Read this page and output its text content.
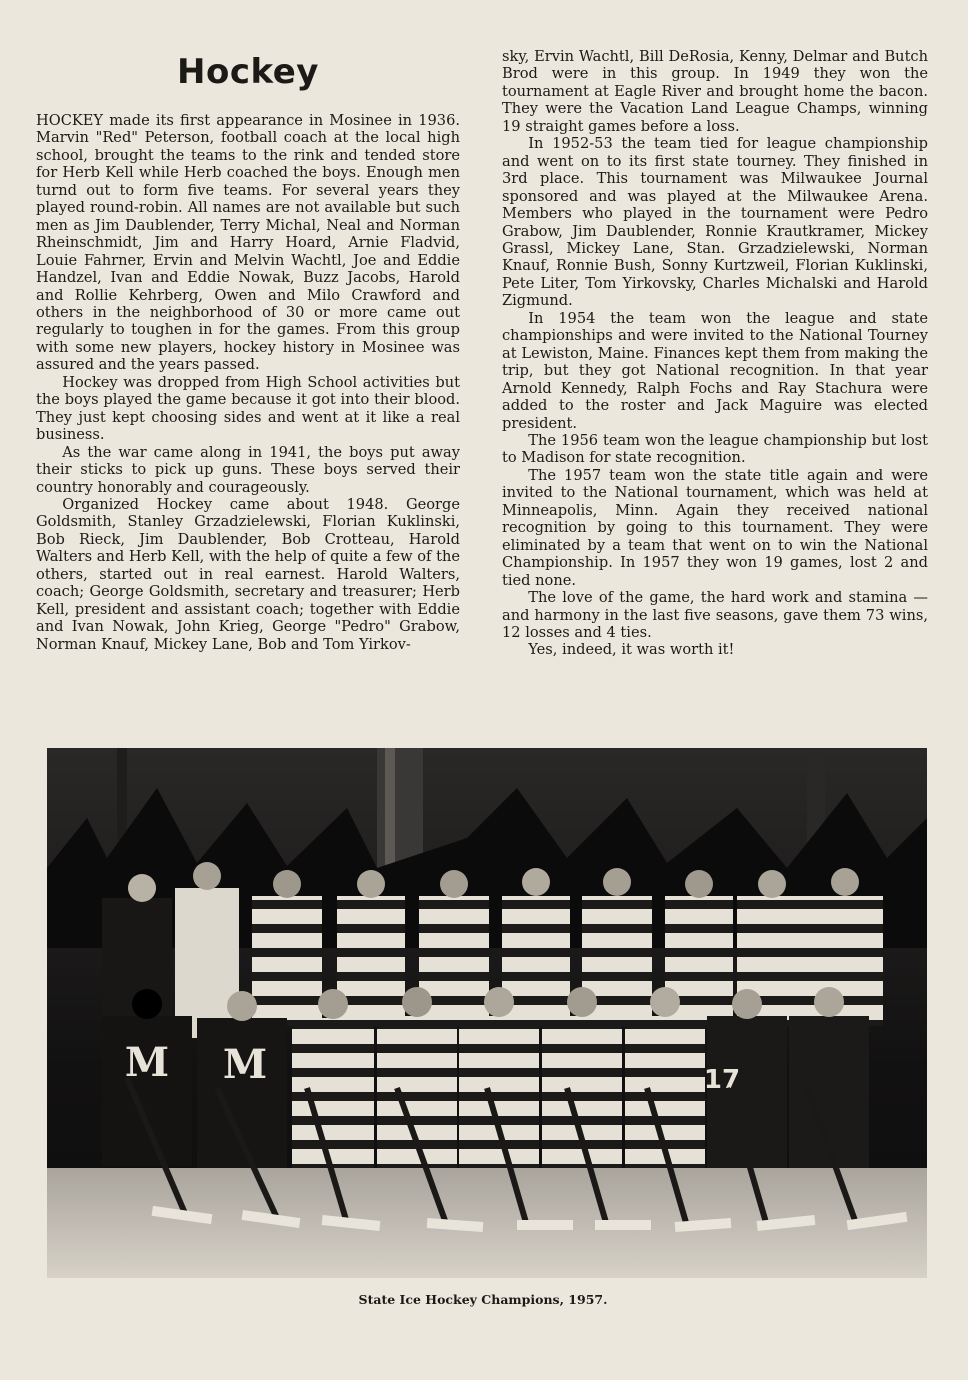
Hockey

HOCKEY made its first appearance in Mosinee in 1936. Marvin "Red" Peterson, football coach at the local high school, brought the teams to the rink and tended store for Herb Kell while Herb coached the boys. Enough men turnd out to form five teams. For several years they played round-robin. All names are not available but such men as Jim Daublender, Terry Michal, Neal and Norman Rheinschmidt, Jim and Harry Hoard, Arnie Fladvid, Louie Fahrner, Ervin and Melvin Wachtl, Joe and Eddie Handzel, Ivan and Eddie Nowak, Buzz Jacobs, Harold and Rollie Kehrberg, Owen and Milo Crawford and others in the neighborhood of 30 or more came out regularly to toughen in for the games. From this group with some new players, hockey history in Mosinee was assured and the years passed.

Hockey was dropped from High School activities but the boys played the game because it got into their blood. They just kept choosing sides and went at it like a real business.

As the war came along in 1941, the boys put away their sticks to pick up guns. These boys served their country honorably and courageously.

Organized Hockey came about 1948. George Goldsmith, Stanley Grzadzielewski, Florian Kuklinski, Bob Rieck, Jim Daublender, Bob Crotteau, Harold Walters and Herb Kell, with the help of quite a few of the others, started out in real earnest. Harold Walters, coach; George Goldsmith, secretary and treasurer; Herb Kell, president and assistant coach; together with Eddie and Ivan Nowak, John Krieg, George "Pedro" Grabow, Norman Knauf, Mickey Lane, Bob and Tom Yirkov-

sky, Ervin Wachtl, Bill DeRosia, Kenny, Delmar and Butch Brod were in this group. In 1949 they won the tournament at Eagle River and brought home the bacon. They were the Vacation Land League Champs, winning 19 straight games before a loss.

In 1952-53 the team tied for league championship and went on to its first state tourney. They finished in 3rd place. This tournament was Milwaukee Journal sponsored and was played at the Milwaukee Arena. Members who played in the tournament were Pedro Grabow, Jim Daublender, Ronnie Krautkramer, Mickey Grassl, Mickey Lane, Stan. Grzadzielewski, Norman Knauf, Ronnie Bush, Sonny Kurtzweil, Florian Kuklinski, Pete Liter, Tom Yirkovsky, Charles Michalski and Harold Zigmund.

In 1954 the team won the league and state championships and were invited to the National Tourney at Lewiston, Maine. Finances kept them from making the trip, but they got National recognition. In that year Arnold Kennedy, Ralph Fochs and Ray Stachura were added to the roster and Jack Maguire was elected president.

The 1956 team won the league championship but lost to Madison for state recognition.

The 1957 team won the state title again and were invited to the National tournament, which was held at Minneapolis, Minn. Again they received national recognition by going to this tournament. They were eliminated by a team that went on to win the National Championship. In 1957 they won 19 games, lost 2 and tied none.

The love of the game, the hard work and stamina — and harmony in the last five seasons, gave them 73 wins, 12 losses and 4 ties.

Yes, indeed, it was worth it!

M M	17

State Ice Hockey Champions, 1957.
